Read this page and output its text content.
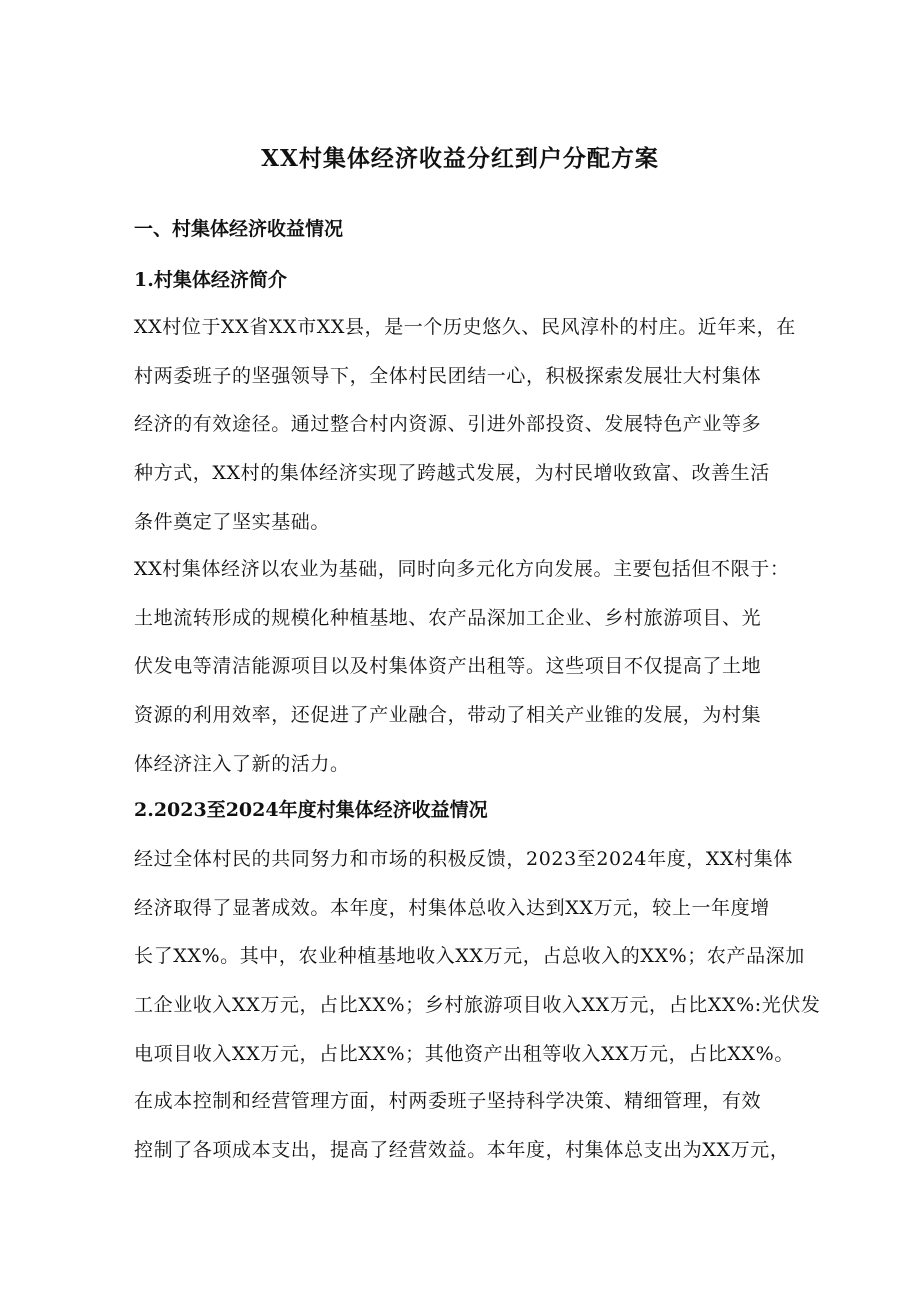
XX村集体经济收益分红到户分配方案
一、村集体经济收益情况
1.村集体经济简介
XX村位于XX省XX市XX县，是一个历史悠久、民风淳朴的村庄。近年来，在
村两委班子的坚强领导下，全体村民团结一心，积极探索发展壮大村集体
经济的有效途径。通过整合村内资源、引进外部投资、发展特色产业等多
种方式，XX村的集体经济实现了跨越式发展，为村民增收致富、改善生活
条件奠定了坚实基础。
XX村集体经济以农业为基础，同时向多元化方向发展。主要包括但不限于：
土地流转形成的规模化种植基地、农产品深加工企业、乡村旅游项目、光
伏发电等清洁能源项目以及村集体资产出租等。这些项目不仅提高了土地
资源的利用效率，还促进了产业融合，带动了相关产业锥的发展，为村集
体经济注入了新的活力。
2.2023至2024年度村集体经济收益情况
经过全体村民的共同努力和市场的积极反馈，2023至2024年度，XX村集体
经济取得了显著成效。本年度，村集体总收入达到XX万元，较上一年度增
长了XX%。其中，农业种植基地收入XX万元，占总收入的XX%；农产品深加
工企业收入XX万元，占比XX%；乡村旅游项目收入XX万元，占比XX%:光伏发
电项目收入XX万元，占比XX%；其他资产出租等收入XX万元，占比XX%。
在成本控制和经营管理方面，村两委班子坚持科学决策、精细管理，有效
控制了各项成本支出，提高了经营效益。本年度，村集体总支出为XX万元，
